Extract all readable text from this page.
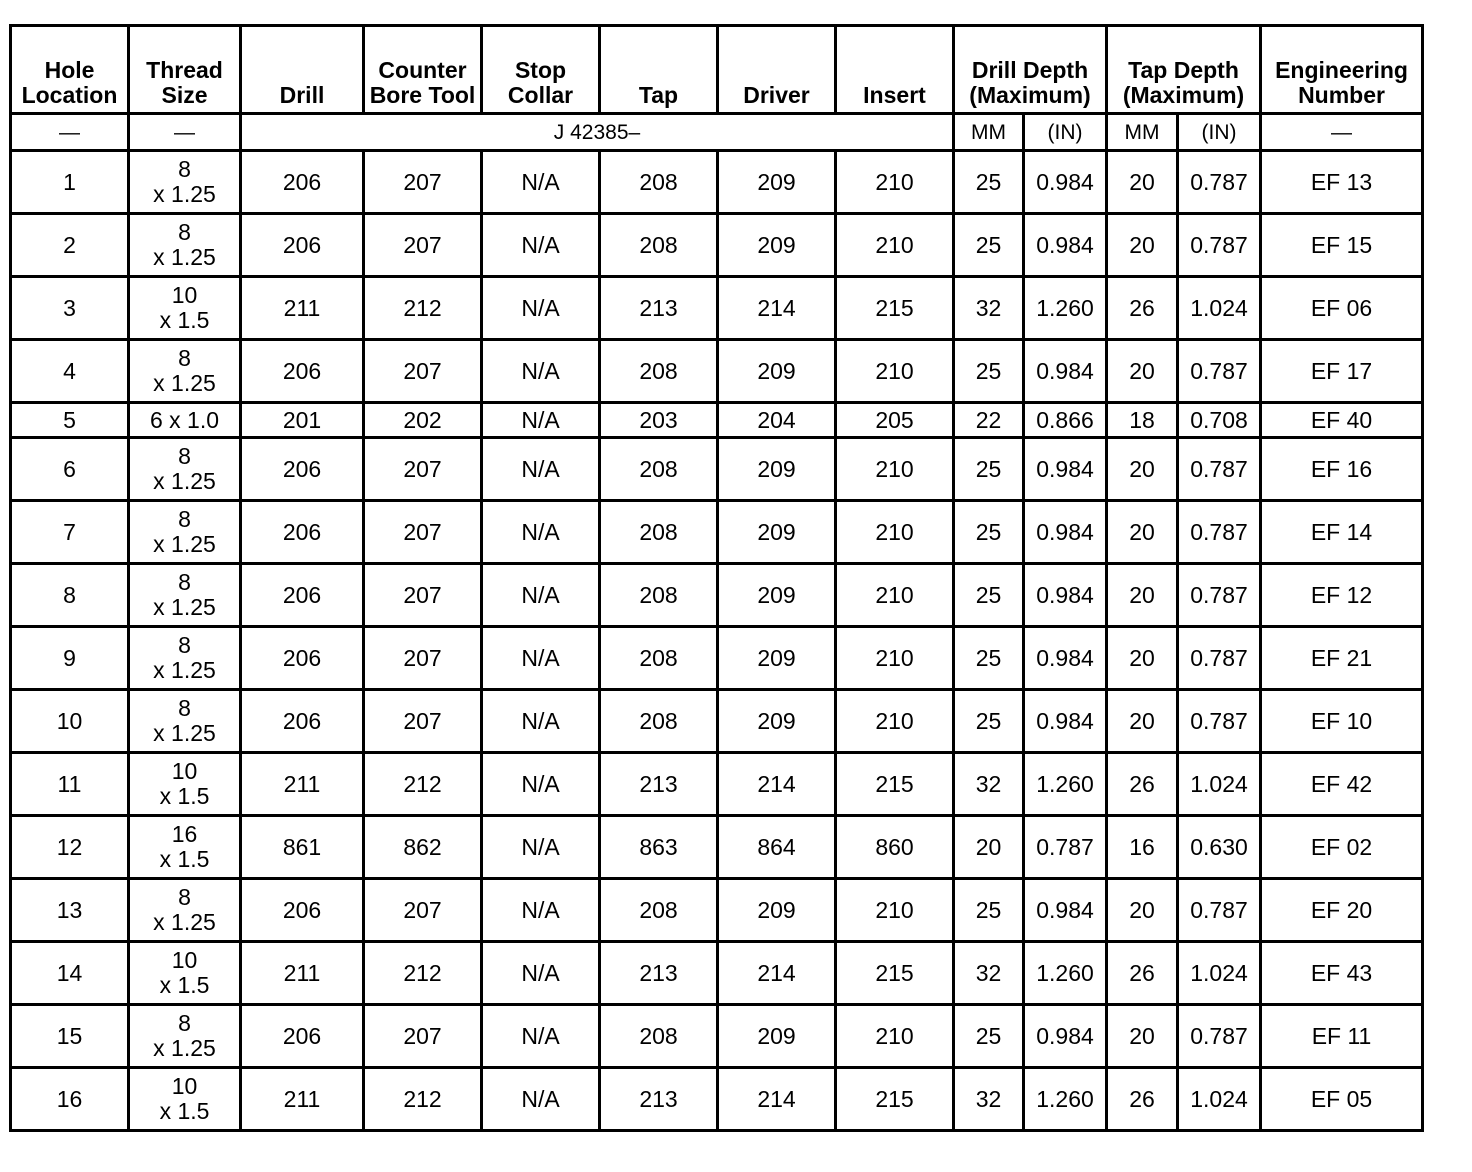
Hole Location	Thread Size	Drill	Counter Bore Tool	Stop Collar	Tap	Driver	Insert	Drill Depth (Maximum)		Tap Depth (Maximum)		Engineering Number
—	—	J 42385–						MM	(IN)	MM	(IN)	—
1	8
x 1.25	206	207	N/A	208	209	210	25	0.984	20	0.787	EF 13
2	8
x 1.25	206	207	N/A	208	209	210	25	0.984	20	0.787	EF 15
3	10
x 1.5	211	212	N/A	213	214	215	32	1.260	26	1.024	EF 06
4	8
x 1.25	206	207	N/A	208	209	210	25	0.984	20	0.787	EF 17
5	6 x 1.0	201	202	N/A	203	204	205	22	0.866	18	0.708	EF 40
6	8
x 1.25	206	207	N/A	208	209	210	25	0.984	20	0.787	EF 16
7	8
x 1.25	206	207	N/A	208	209	210	25	0.984	20	0.787	EF 14
8	8
x 1.25	206	207	N/A	208	209	210	25	0.984	20	0.787	EF 12
9	8
x 1.25	206	207	N/A	208	209	210	25	0.984	20	0.787	EF 21
10	8
x 1.25	206	207	N/A	208	209	210	25	0.984	20	0.787	EF 10
11	10
x 1.5	211	212	N/A	213	214	215	32	1.260	26	1.024	EF 42
12	16
x 1.5	861	862	N/A	863	864	860	20	0.787	16	0.630	EF 02
13	8
x 1.25	206	207	N/A	208	209	210	25	0.984	20	0.787	EF 20
14	10
x 1.5	211	212	N/A	213	214	215	32	1.260	26	1.024	EF 43
15	8
x 1.25	206	207	N/A	208	209	210	25	0.984	20	0.787	EF 11
16	10
x 1.5	211	212	N/A	213	214	215	32	1.260	26	1.024	EF 05
